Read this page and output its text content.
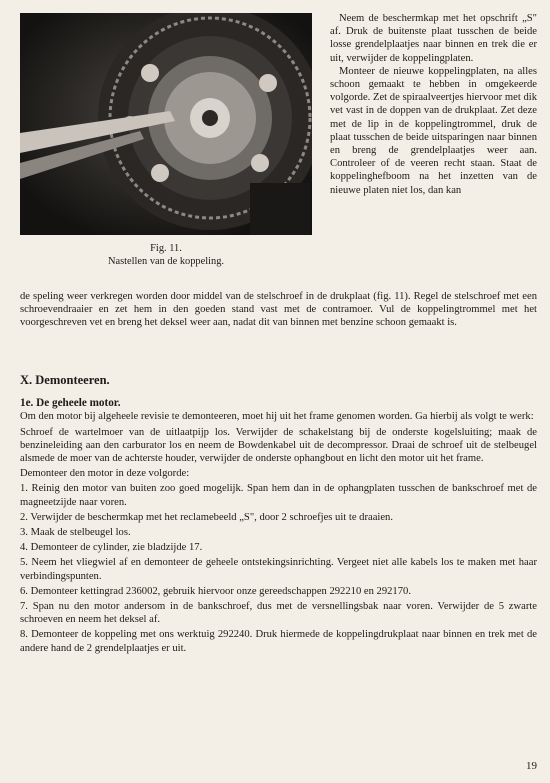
Fig. 11.
Nastellen van de koppeling.

Neem de beschermkap met het opschrift „S" af. Druk de buitenste plaat tusschen de beide losse grendelplaatjes naar binnen en trek die er uit, verwijder de koppelingplaten.

Monteer de nieuwe koppelingplaten, na alles schoon gemaakt te hebben in omgekeerde volgorde. Zet de spiraalveertjes hiervoor met dik vet vast in de doppen van de drukplaat. Zet deze met de lip in de koppelingtrommel, druk de plaat tusschen de beide uitsparingen naar binnen en breng de grendelplaatjes weer aan. Controleer of de veeren recht staan. Staat de koppelinghefboom na het inzetten van de nieuwe platen niet los, dan kan

de speling weer verkregen worden door middel van de stelschroef in de drukplaat (fig. 11). Regel de stelschroef met een schroevendraaier en zet hem in den goeden stand vast met de contramoer. Vul de koppelingtrommel met het voorgeschreven vet en breng het deksel weer aan, nadat dit van binnen met benzine schoon gemaakt is.

X. Demonteeren.
1e. De geheele motor.

Om den motor bij algeheele revisie te demonteeren, moet hij uit het frame genomen worden. Ga hierbij als volgt te werk:

Schroef de wartelmoer van de uitlaatpijp los. Verwijder de schakelstang bij de onderste kogelsluiting; maak de benzineleiding aan den carburator los en neem de Bowdenkabel uit de decompressor. Draai de schroef uit de stelbeugel alsmede de moer van de achterste houder, verwijder de onderste ophangbout en licht den motor uit het frame.

Demonteer den motor in deze volgorde:

1. Reinig den motor van buiten zoo goed mogelijk. Span hem dan in de ophangplaten tusschen de bankschroef met de magneetzijde naar voren.

2. Verwijder de beschermkap met het reclamebeeld „S", door 2 schroefjes uit te draaien.

3. Maak de stelbeugel los.

4. Demonteer de cylinder, zie bladzijde 17.

5. Neem het vliegwiel af en demonteer de geheele ontstekingsinrichting. Vergeet niet alle kabels los te maken met haar verbindingspunten.

6. Demonteer kettingrad 236002, gebruik hiervoor onze gereedschappen 292210 en 292170.

7. Span nu den motor andersom in de bankschroef, dus met de versnellingsbak naar voren. Verwijder de 5 zwarte schroeven en neem het deksel af.

8. Demonteer de koppeling met ons werktuig 292240. Druk hiermede de koppelingdrukplaat naar binnen en trek met de andere hand de 2 grendelplaatjes er uit.

19
